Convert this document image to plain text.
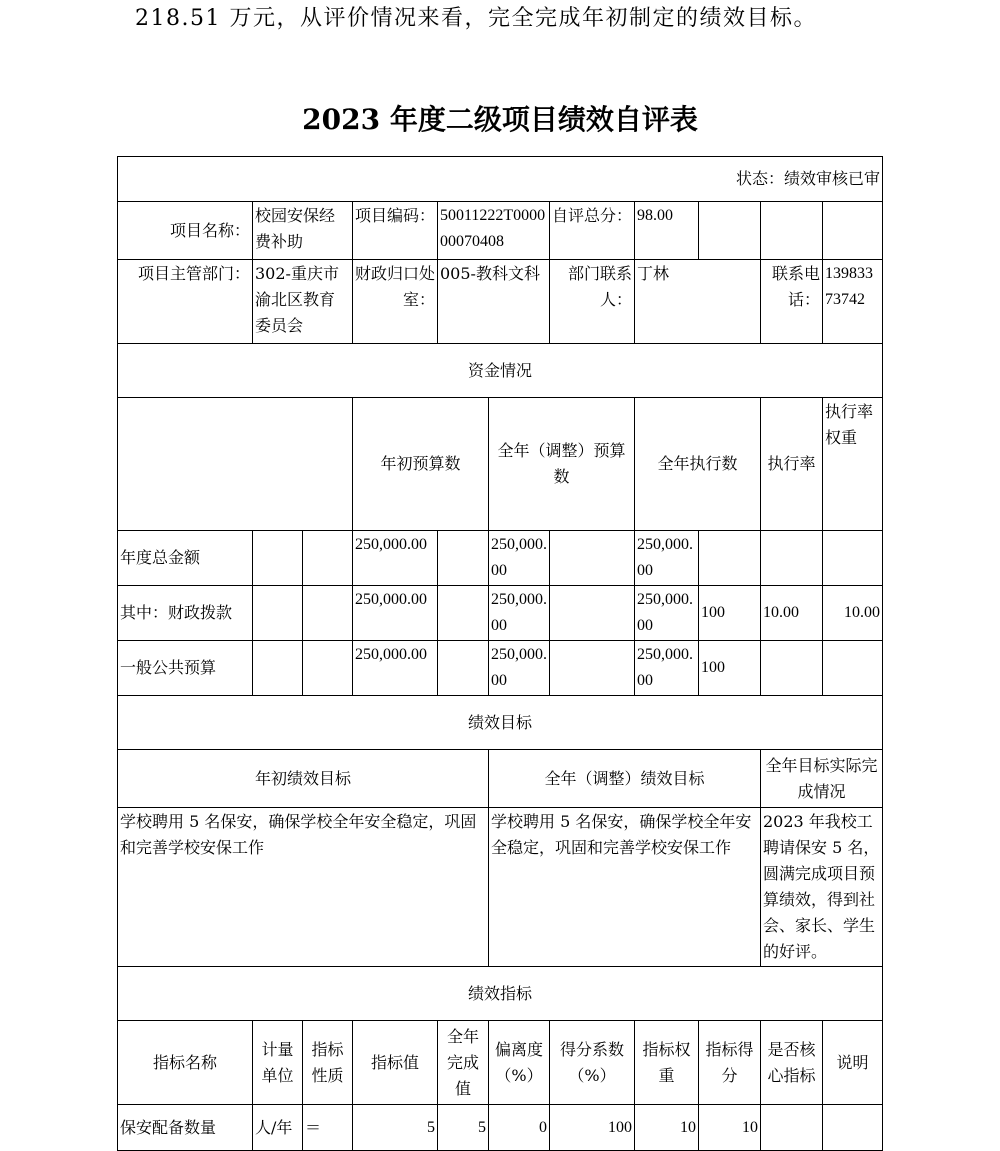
218.51 万元，从评价情况来看，完全完成年初制定的绩效目标。
2023 年度二级项目绩效自评表
状态：绩效审核已审											
项目名称：	校园安保经费补助		项目编码：	50011222T000000070408		自评总分：	98.00				
项目主管部门：	302-重庆市渝北区教育委员会		财政归口处室：	005-教科文科		部门联系人：	丁林		联系电话：	13983373742	
资金情况											
			年初预算数		全年（调整）预算数		全年执行数		执行率	执行率权重	
年度总金额			250,000.00		250,000.00		250,000.00				
其中：财政拨款			250,000.00		250,000.00		250,000.00	100	10.00	10.00	
一般公共预算			250,000.00		250,000.00		250,000.00	100			
绩效目标											
年初绩效目标					全年（调整）绩效目标				全年目标实际完成情况		
学校聘用 5 名保安，确保学校全年安全稳定，巩固和完善学校安保工作					学校聘用 5 名保安，确保学校全年安全稳定，巩固和完善学校安保工作				2023 年我校工聘请保安 5 名，圆满完成项目预算绩效，得到社会、家长、学生的好评。		
绩效指标											
指标名称	计量单位	指标性质	指标值	全年完成值	偏离度（%）	得分系数（%）	指标权重	指标得分	是否核心指标	说明	
保安配备数量	人/年	＝	5	5	0	100	10	10			
